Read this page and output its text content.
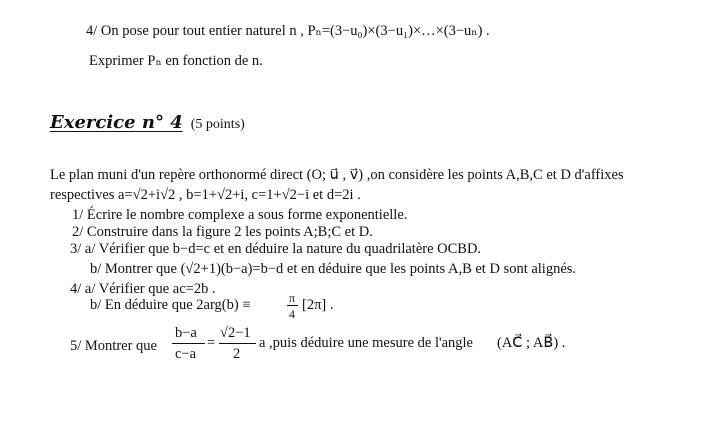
4/ On pose pour tout entier naturel n , Pₙ=(3−u₀)×(3−u₁)×…×(3−uₙ) .
Exprimer Pₙ en fonction de n.
Exercice n° 4 (5 points)
Le plan muni d'un repère orthonormé direct (O; u⃗ , v⃗) ,on considère les points A,B,C et D d'affixes
respectives a=√2+i√2 , b=1+√2+i, c=1+√2−i et d=2i .
1/ Écrire le nombre complexe a sous forme exponentielle.
2/ Construire dans la figure 2 les points A;B;C et D.
3/ a/ Vérifier que b−d=c et en déduire la nature du quadrilatère OCBD.
b/ Montrer que (√2+1)(b−a)=b−d et en déduire que les points A,B et D sont alignés.
4/ a/ Vérifier que ac=2b .
b/ En déduire que 2arg(b) ≡	π
4
[2π] .
5/ Montrer que
b−a
c−a
=
√2−1
2
a ,puis déduire une mesure de l'angle (AC⃗ ; AB⃗) .
